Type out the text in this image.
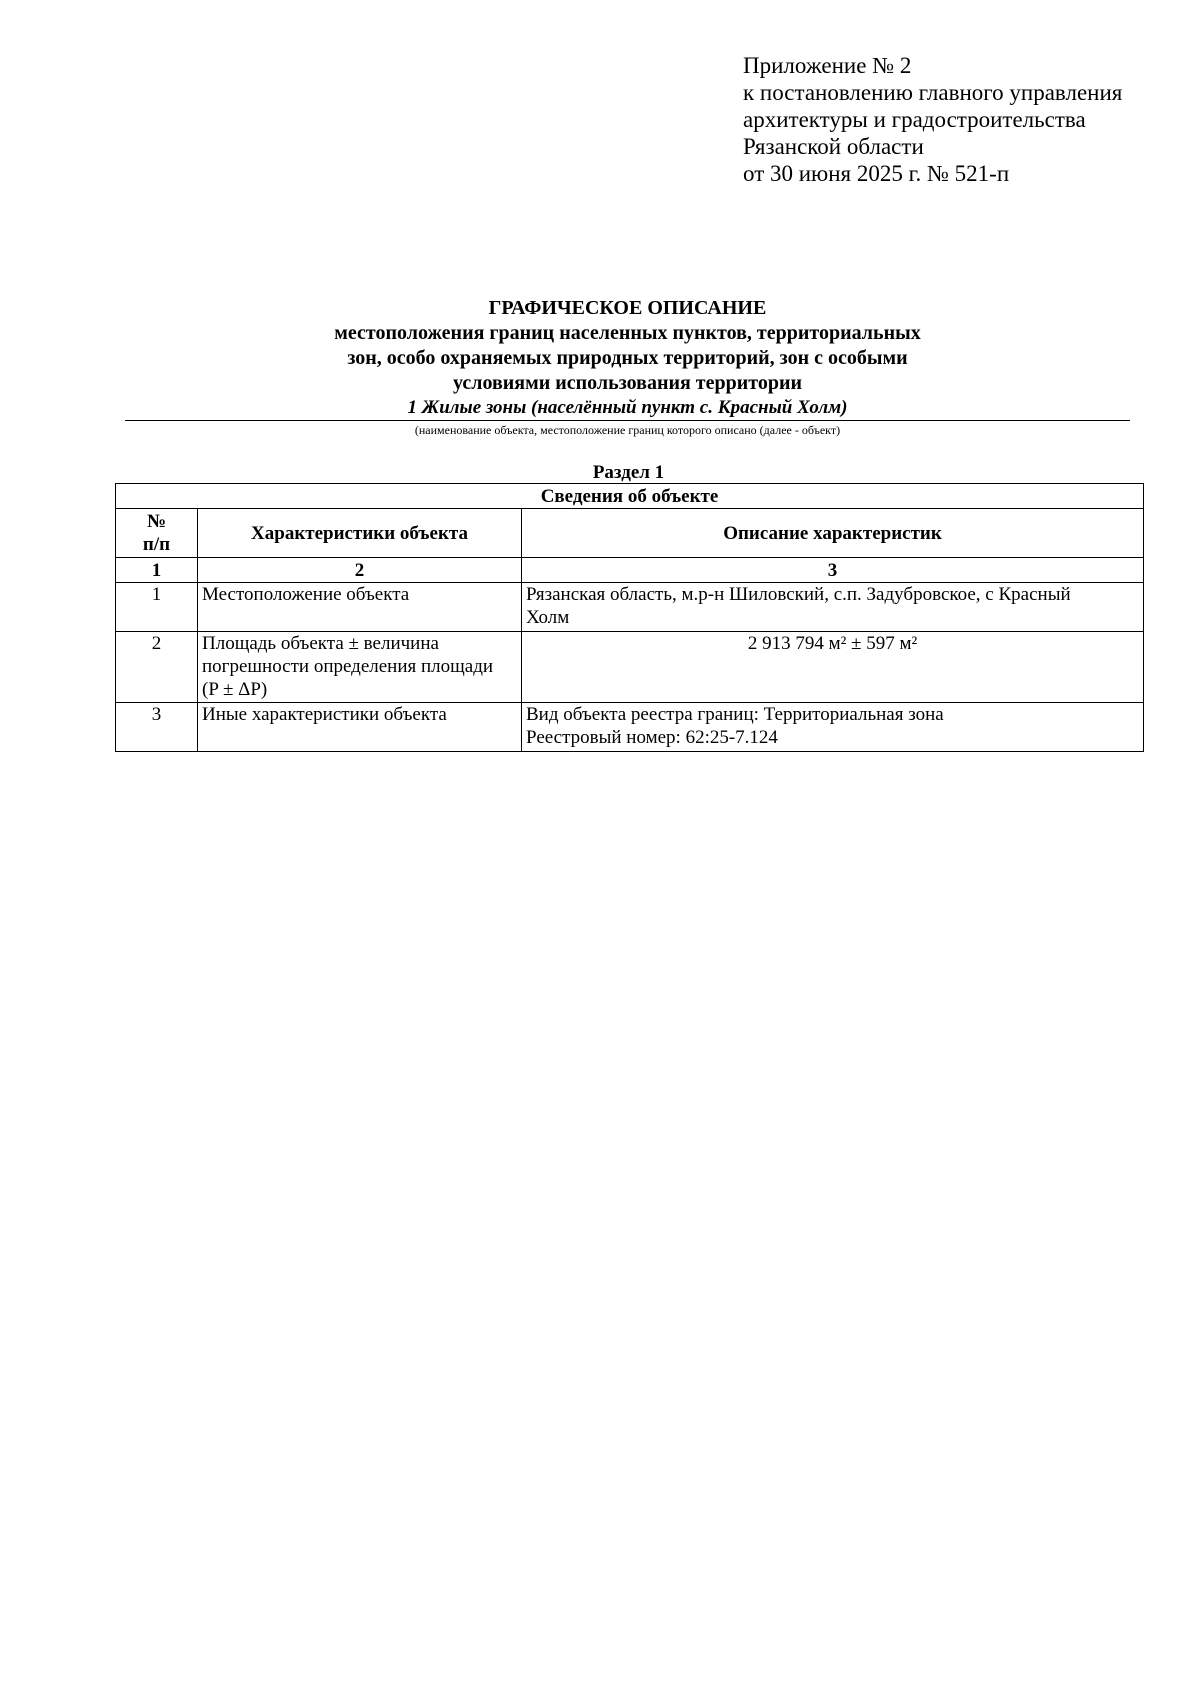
Приложение № 2
к постановлению главного управления
архитектуры и градостроительства
Рязанской области
от 30 июня 2025 г. № 521-п
ГРАФИЧЕСКОЕ ОПИСАНИЕ
местоположения границ населенных пунктов, территориальных
зон, особо охраняемых природных территорий, зон с особыми
условиями использования территории
1 Жилые зоны (населённый пункт с. Красный Холм)
(наименование объекта, местоположение границ которого описано (далее - объект)
Раздел 1
Сведения об объекте		

№
п/п	Характеристики объекта	Описание характеристик
1	2	3
1	Местоположение объекта	Рязанская область, м.р-н Шиловский, с.п. Задубровское, с Красный
Холм

2	Площадь объекта ± величина
погрешности определения площади
(P ± ΔP)	2 913 794 м² ± 597 м²

3	Иные характеристики объекта	Вид объекта реестра границ: Территориальная зона
Реестровый номер: 62:25-7.124
